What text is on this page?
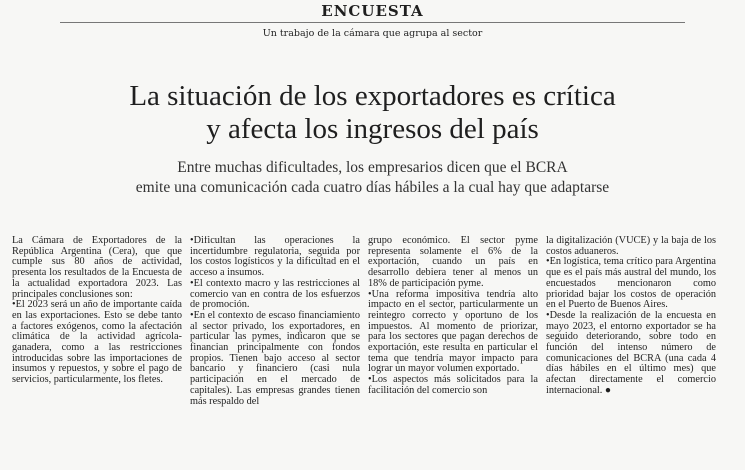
ENCUESTA
Un trabajo de la cámara que agrupa al sector
La situación de los exportadores es crítica
y afecta los ingresos del país
Entre muchas dificultades, los empresarios dicen que el BCRA
emite una comunicación cada cuatro días hábiles a la cual hay que adaptarse

La Cámara de Exportadores de la República Argentina (Cera), que que cumple sus 80 años de actividad, presenta los resultados de la Encuesta de la actualidad exportadora 2023. Las principales conclusiones son:

•El 2023 será un año de importante caída en las exportaciones. Esto se debe tanto a factores exógenos, como la afectación climática de la actividad agrícola-ganadera, como a las restricciones introducidas sobre las importaciones de insumos y repuestos, y sobre el pago de servicios, particularmente, los fletes.

•Dificultan las operaciones la incertidumbre regulatoria, seguida por los costos logísticos y la dificultad en el acceso a insumos.

•El contexto macro y las restricciones al comercio van en contra de los esfuerzos de promoción.

•En el contexto de escaso financiamiento al sector privado, los exportadores, en particular las pymes, indicaron que se financian principalmente con fondos propios. Tienen bajo acceso al sector bancario y financiero (casi nula participación en el mercado de capitales). Las empresas grandes tienen más respaldo del

grupo económico. El sector pyme representa solamente el 6% de la exportación, cuando un país en desarrollo debiera tener al menos un 18% de participación pyme.

•Una reforma impositiva tendría alto impacto en el sector, particularmente un reintegro correcto y oportuno de los impuestos. Al momento de priorizar, para los sectores que pagan derechos de exportación, este resulta en particular el tema que tendría mayor impacto para lograr un mayor volumen exportado.

•Los aspectos más solicitados para la facilitación del comercio son

la digitalización (VUCE) y la baja de los costos aduaneros.

•En logística, tema crítico para Argentina que es el país más austral del mundo, los encuestados mencionaron como prioridad bajar los costos de operación en el Puerto de Buenos Aires.

•Desde la realización de la encuesta en mayo 2023, el entorno exportador se ha seguido deteriorando, sobre todo en función del intenso número de comunicaciones del BCRA (una cada 4 días hábiles en el último mes) que afectan directamente el comercio internacional. ●
